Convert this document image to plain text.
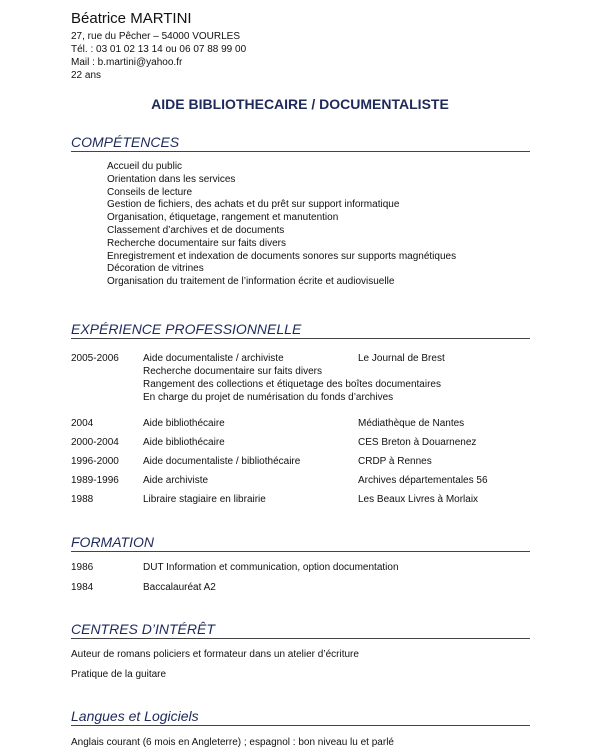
Béatrice MARTINI
27, rue du Pêcher – 54000 VOURLES
Tél. : 03 01 02 13 14 ou 06 07 88 99 00
Mail : b.martini@yahoo.fr
22 ans
AIDE BIBLIOTHECAIRE / DOCUMENTALISTE
COMPÉTENCES
Accueil du public
Orientation dans les services
Conseils de lecture
Gestion de fichiers, des achats et du prêt sur support informatique
Organisation, étiquetage, rangement et manutention
Classement d’archives et de documents
Recherche documentaire sur faits divers
Enregistrement et indexation de documents sonores sur supports magnétiques
Décoration de vitrines
Organisation du traitement de l’information écrite et audiovisuelle
EXPÉRIENCE PROFESSIONNELLE
2005-2006 Aide documentaliste / archiviste	Le Journal de Brest
Recherche documentaire sur faits divers
Rangement des collections et étiquetage des boîtes documentaires
En charge du projet de numérisation du fonds d’archives
2004	Aide bibliothécaire	Médiathèque de Nantes
2000-2004 Aide bibliothécaire	CES Breton à Douarnenez
1996-2000 Aide documentaliste / bibliothécaire	CRDP à Rennes
1989-1996 Aide archiviste	Archives départementales 56
1988	Libraire stagiaire en librairie	Les Beaux Livres à Morlaix
FORMATION
1986	DUT Information et communication, option documentation
1984	Baccalauréat A2
CENTRES D’INTÉRÊT
Auteur de romans policiers et formateur dans un atelier d’écriture
Pratique de la guitare
Langues et Logiciels
Anglais courant (6 mois en Angleterre) ; espagnol : bon niveau lu et parlé
